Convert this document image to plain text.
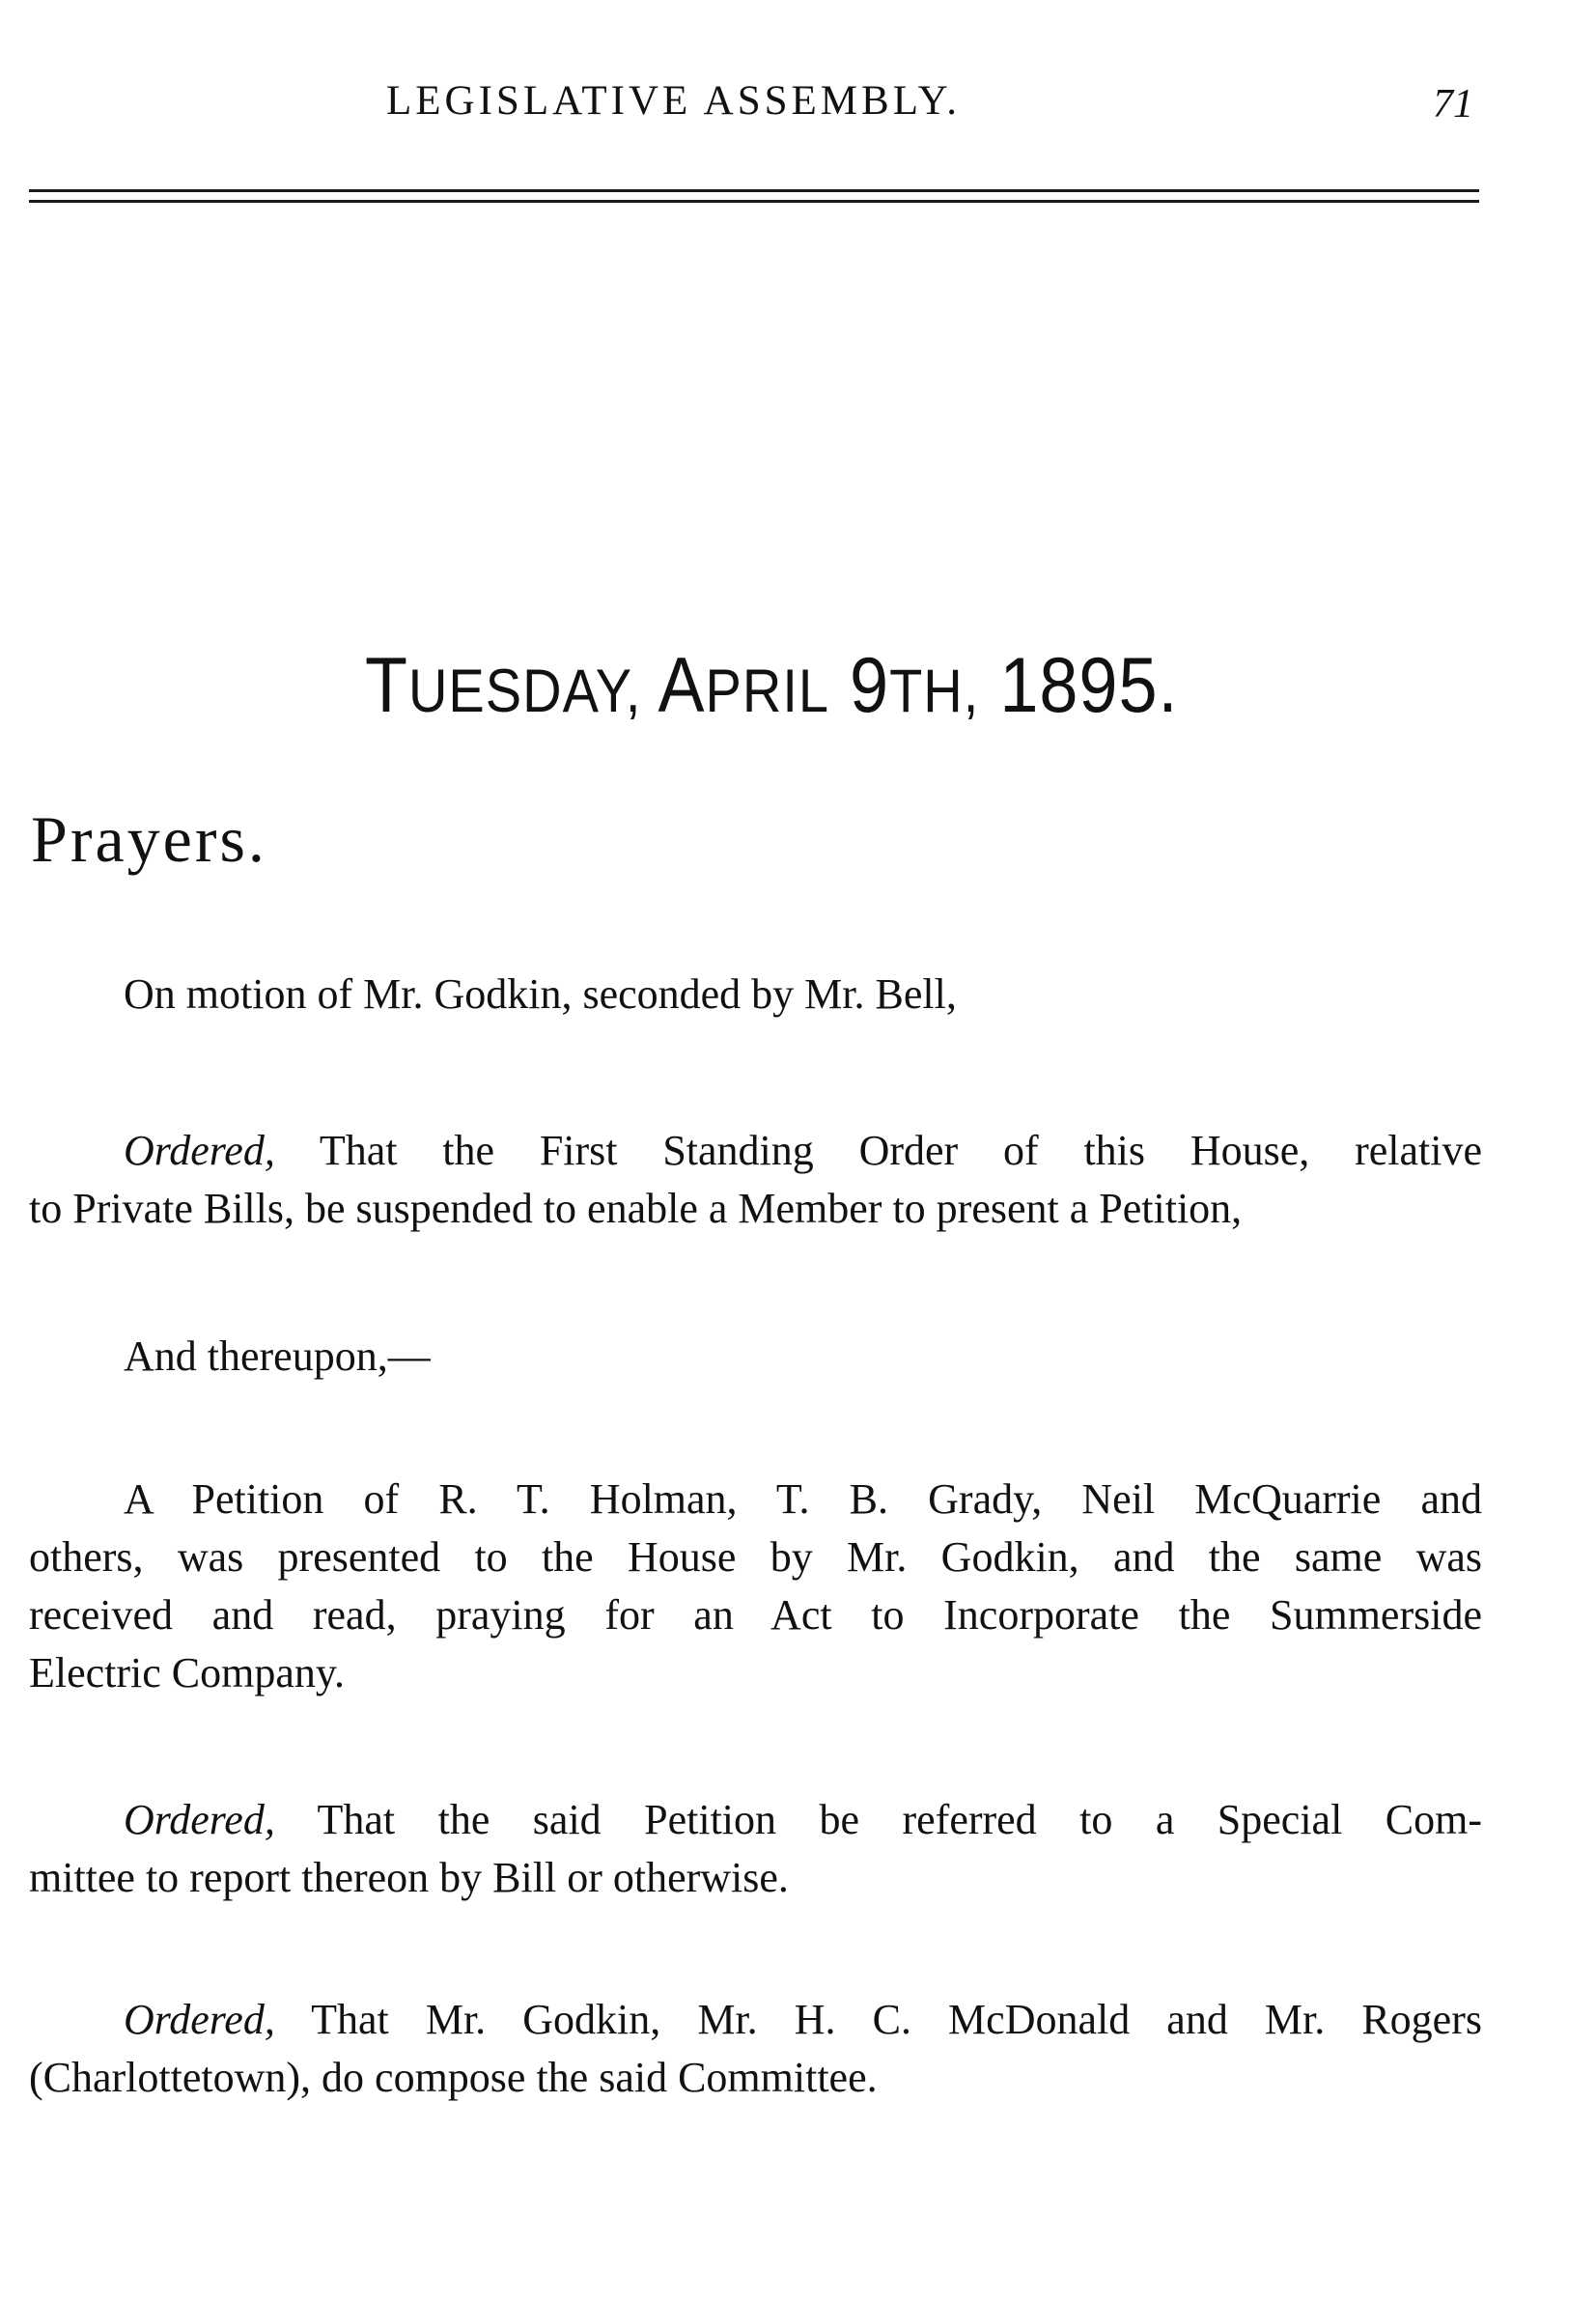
LEGISLATIVE ASSEMBLY.	71
TUESDAY, APRIL 9TH, 1895.
Prayers.
On motion of Mr. Godkin, seconded by Mr. Bell,
Ordered, That the First Standing Order of this House, relative
to Private Bills, be suspended to enable a Member to present a Petition,
And thereupon,—
A Petition of R. T. Holman, T. B. Grady, Neil McQuarrie and
others, was presented to the House by Mr. Godkin, and the same was
received and read, praying for an Act to Incorporate the Summerside
Electric Company.
Ordered, That the said Petition be referred to a Special Com-
mittee to report thereon by Bill or otherwise.
Ordered, That Mr. Godkin, Mr. H. C. McDonald and Mr. Rogers
(Charlottetown), do compose the said Committee.
